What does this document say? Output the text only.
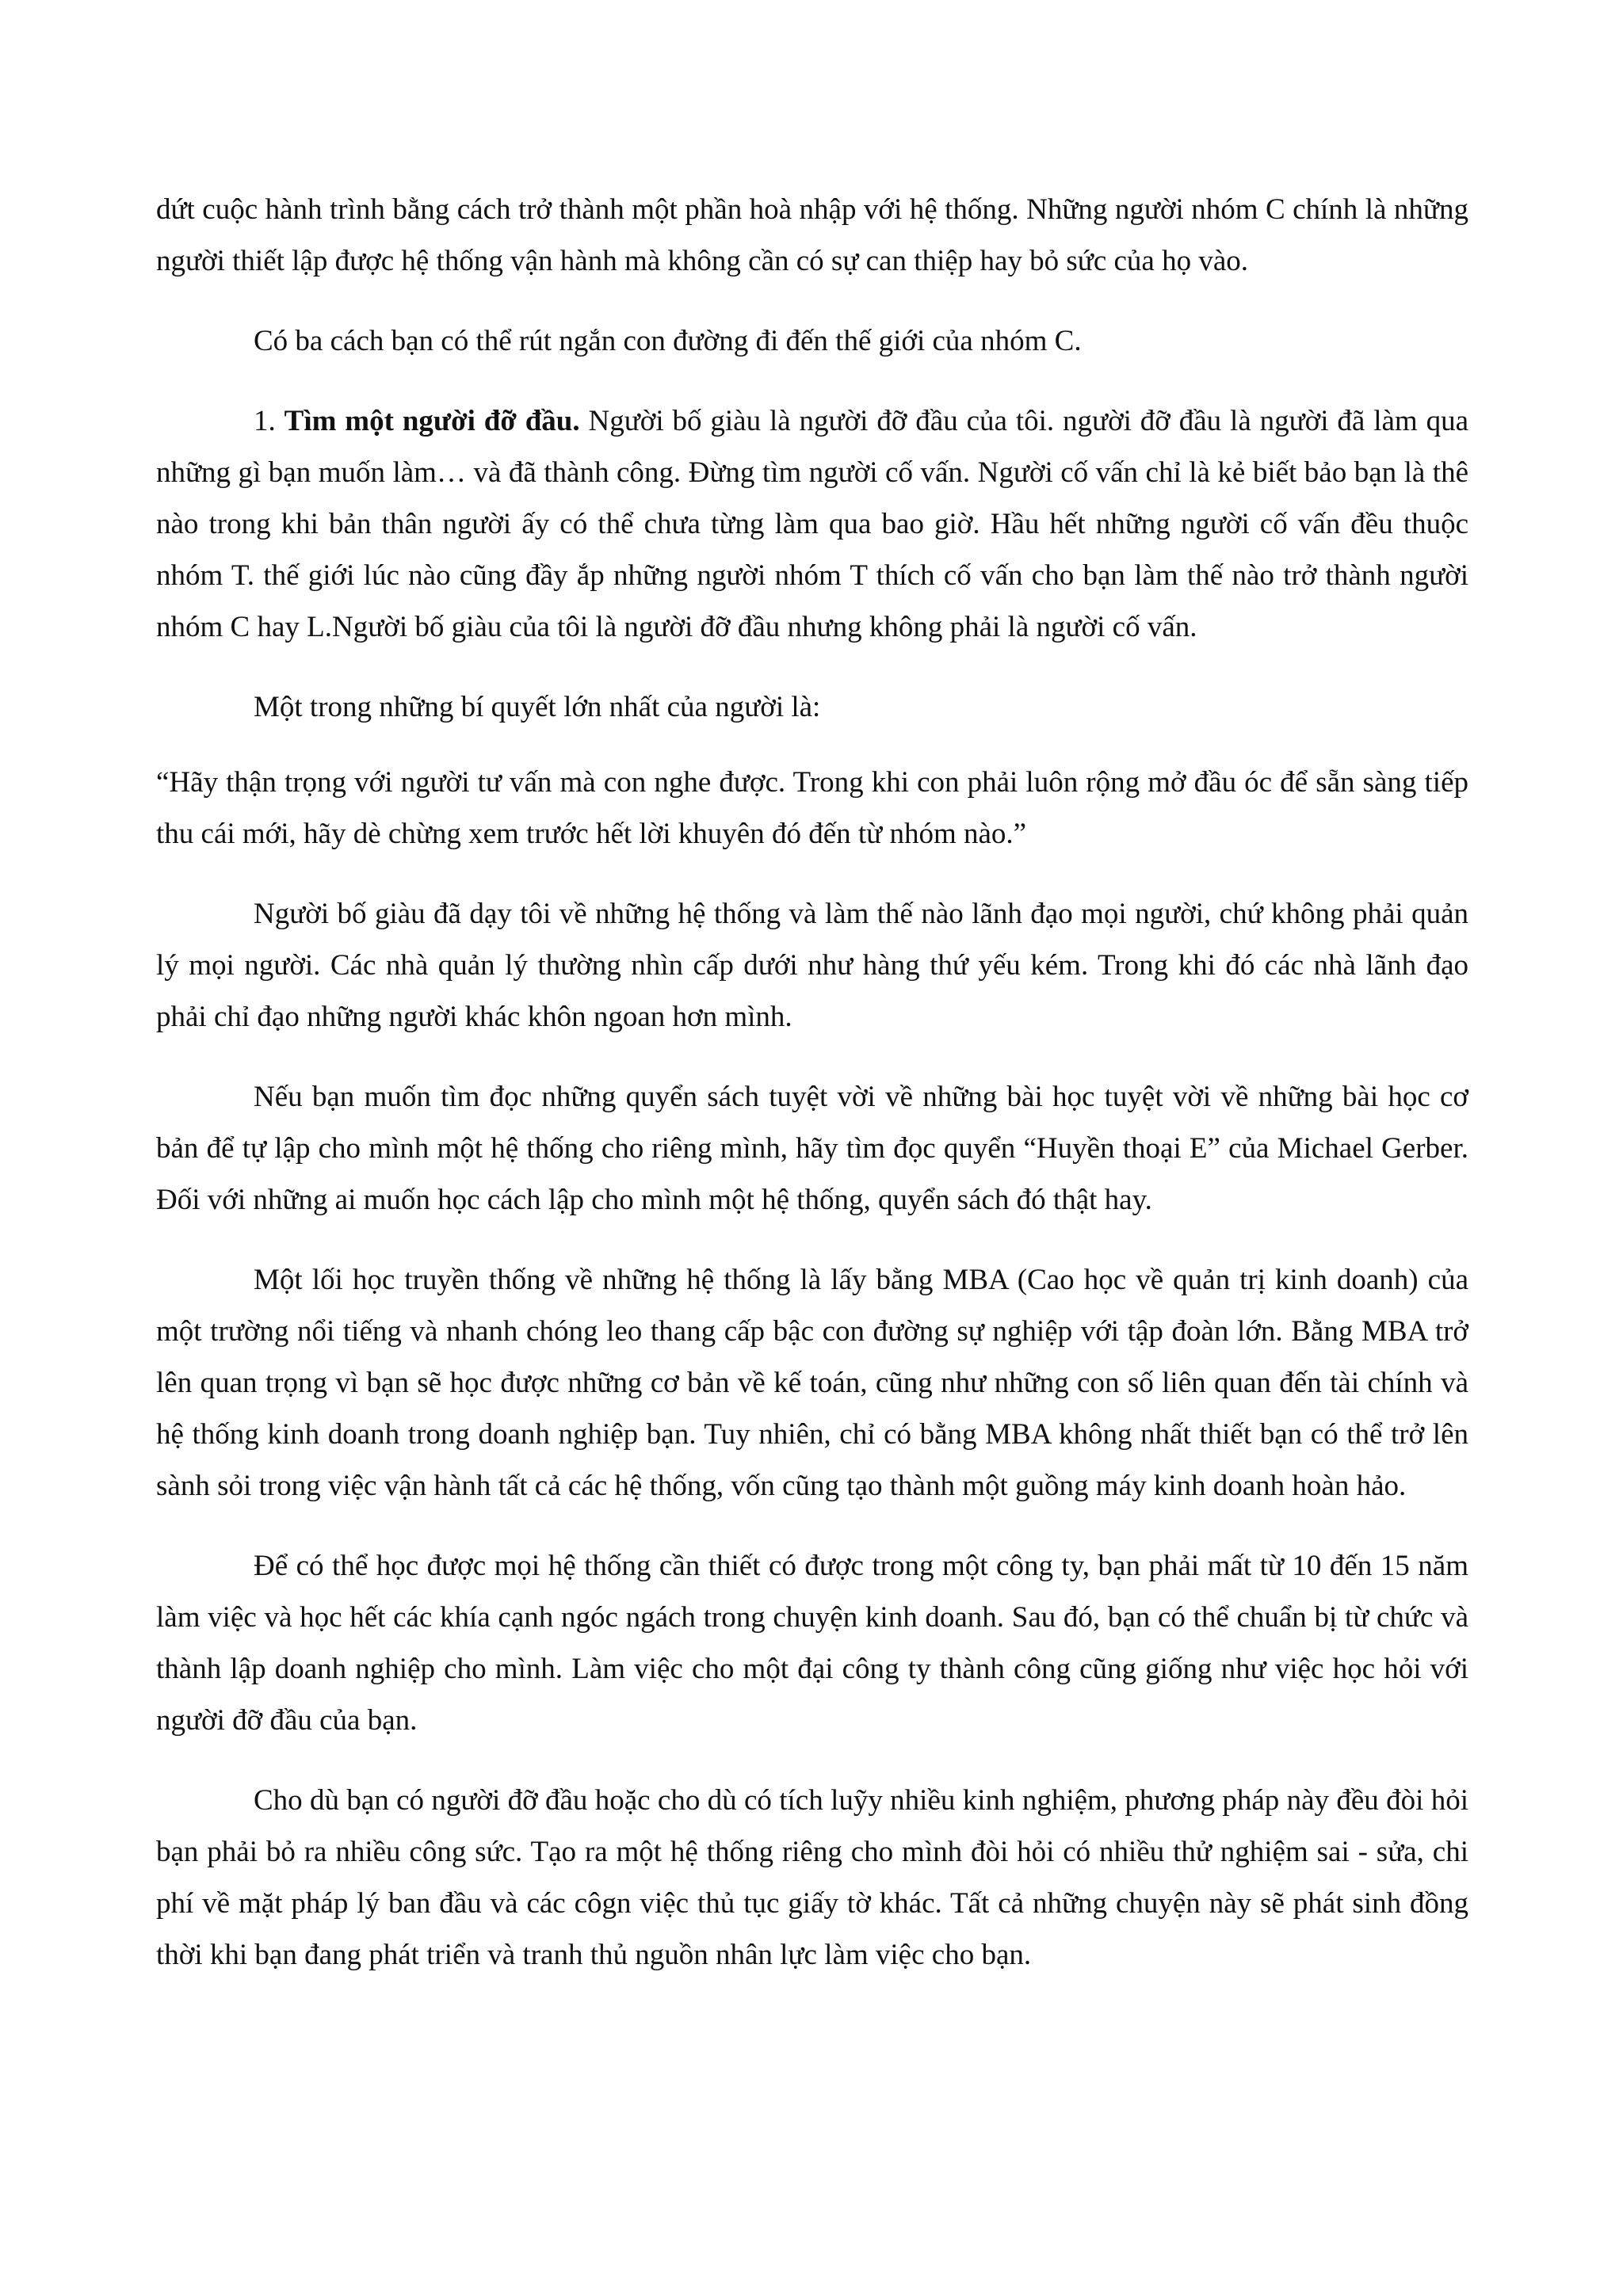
dứt cuộc hành trình bằng cách trở thành một phần hoà nhập với hệ thống. Những người nhóm C chính là những người thiết lập được hệ thống vận hành mà không cần có sự can thiệp hay bỏ sức của họ vào.

Có ba cách bạn có thể rút ngắn con đường đi đến thế giới của nhóm C.

1. Tìm một người đỡ đầu. Người bố giàu là người đỡ đầu của tôi. người đỡ đầu là người đã làm qua những gì bạn muốn làm… và đã thành công. Đừng tìm người cố vấn. Người cố vấn chỉ là kẻ biết bảo bạn là thê nào trong khi bản thân người ấy có thể chưa từng làm qua bao giờ. Hầu hết những người cố vấn đều thuộc nhóm T. thế giới lúc nào cũng đầy ắp những người nhóm T thích cố vấn cho bạn làm thế nào trở thành người nhóm C hay L.Người bố giàu của tôi là người đỡ đầu nhưng không phải là người cố vấn.

Một trong những bí quyết lớn nhất của người là:

“Hãy thận trọng với người tư vấn mà con nghe được. Trong khi con phải luôn rộng mở đầu óc để sẵn sàng tiếp thu cái mới, hãy dè chừng xem trước hết lời khuyên đó đến từ nhóm nào.”

Người bố giàu đã dạy tôi về những hệ thống và làm thế nào lãnh đạo mọi người, chứ không phải quản lý mọi người. Các nhà quản lý thường nhìn cấp dưới như hàng thứ yếu kém. Trong khi đó các nhà lãnh đạo phải chỉ đạo những người khác khôn ngoan hơn mình.

Nếu bạn muốn tìm đọc những quyển sách tuyệt vời về những bài học tuyệt vời về những bài học cơ bản để tự lập cho mình một hệ thống cho riêng mình, hãy tìm đọc quyển “Huyền thoại E” của Michael Gerber. Đối với những ai muốn học cách lập cho mình một hệ thống, quyển sách đó thật hay.

Một lối học truyền thống về những hệ thống là lấy bằng MBA (Cao học về quản trị kinh doanh) của một trường nổi tiếng và nhanh chóng leo thang cấp bậc con đường sự nghiệp với tập đoàn lớn. Bằng MBA trở lên quan trọng vì bạn sẽ học được những cơ bản về kế toán, cũng như những con số liên quan đến tài chính và hệ thống kinh doanh trong doanh nghiệp bạn. Tuy nhiên, chỉ có bằng MBA không nhất thiết bạn có thể trở lên sành sỏi trong việc vận hành tất cả các hệ thống, vốn cũng tạo thành một guồng máy kinh doanh hoàn hảo.

Để có thể học được mọi hệ thống cần thiết có được trong một công ty, bạn phải mất từ 10 đến 15 năm làm việc và học hết các khía cạnh ngóc ngách trong chuyện kinh doanh. Sau đó, bạn có thể chuẩn bị từ chức và thành lập doanh nghiệp cho mình. Làm việc cho một đại công ty thành công cũng giống như việc học hỏi với người đỡ đầu của bạn.

Cho dù bạn có người đỡ đầu hoặc cho dù có tích luỹy nhiều kinh nghiệm, phương pháp này đều đòi hỏi bạn phải bỏ ra nhiều công sức. Tạo ra một hệ thống riêng cho mình đòi hỏi có nhiều thử nghiệm sai - sửa, chi phí về mặt pháp lý ban đầu và các côgn việc thủ tục giấy tờ khác. Tất cả những chuyện này sẽ phát sinh đồng thời khi bạn đang phát triển và tranh thủ nguồn nhân lực làm việc cho bạn.
